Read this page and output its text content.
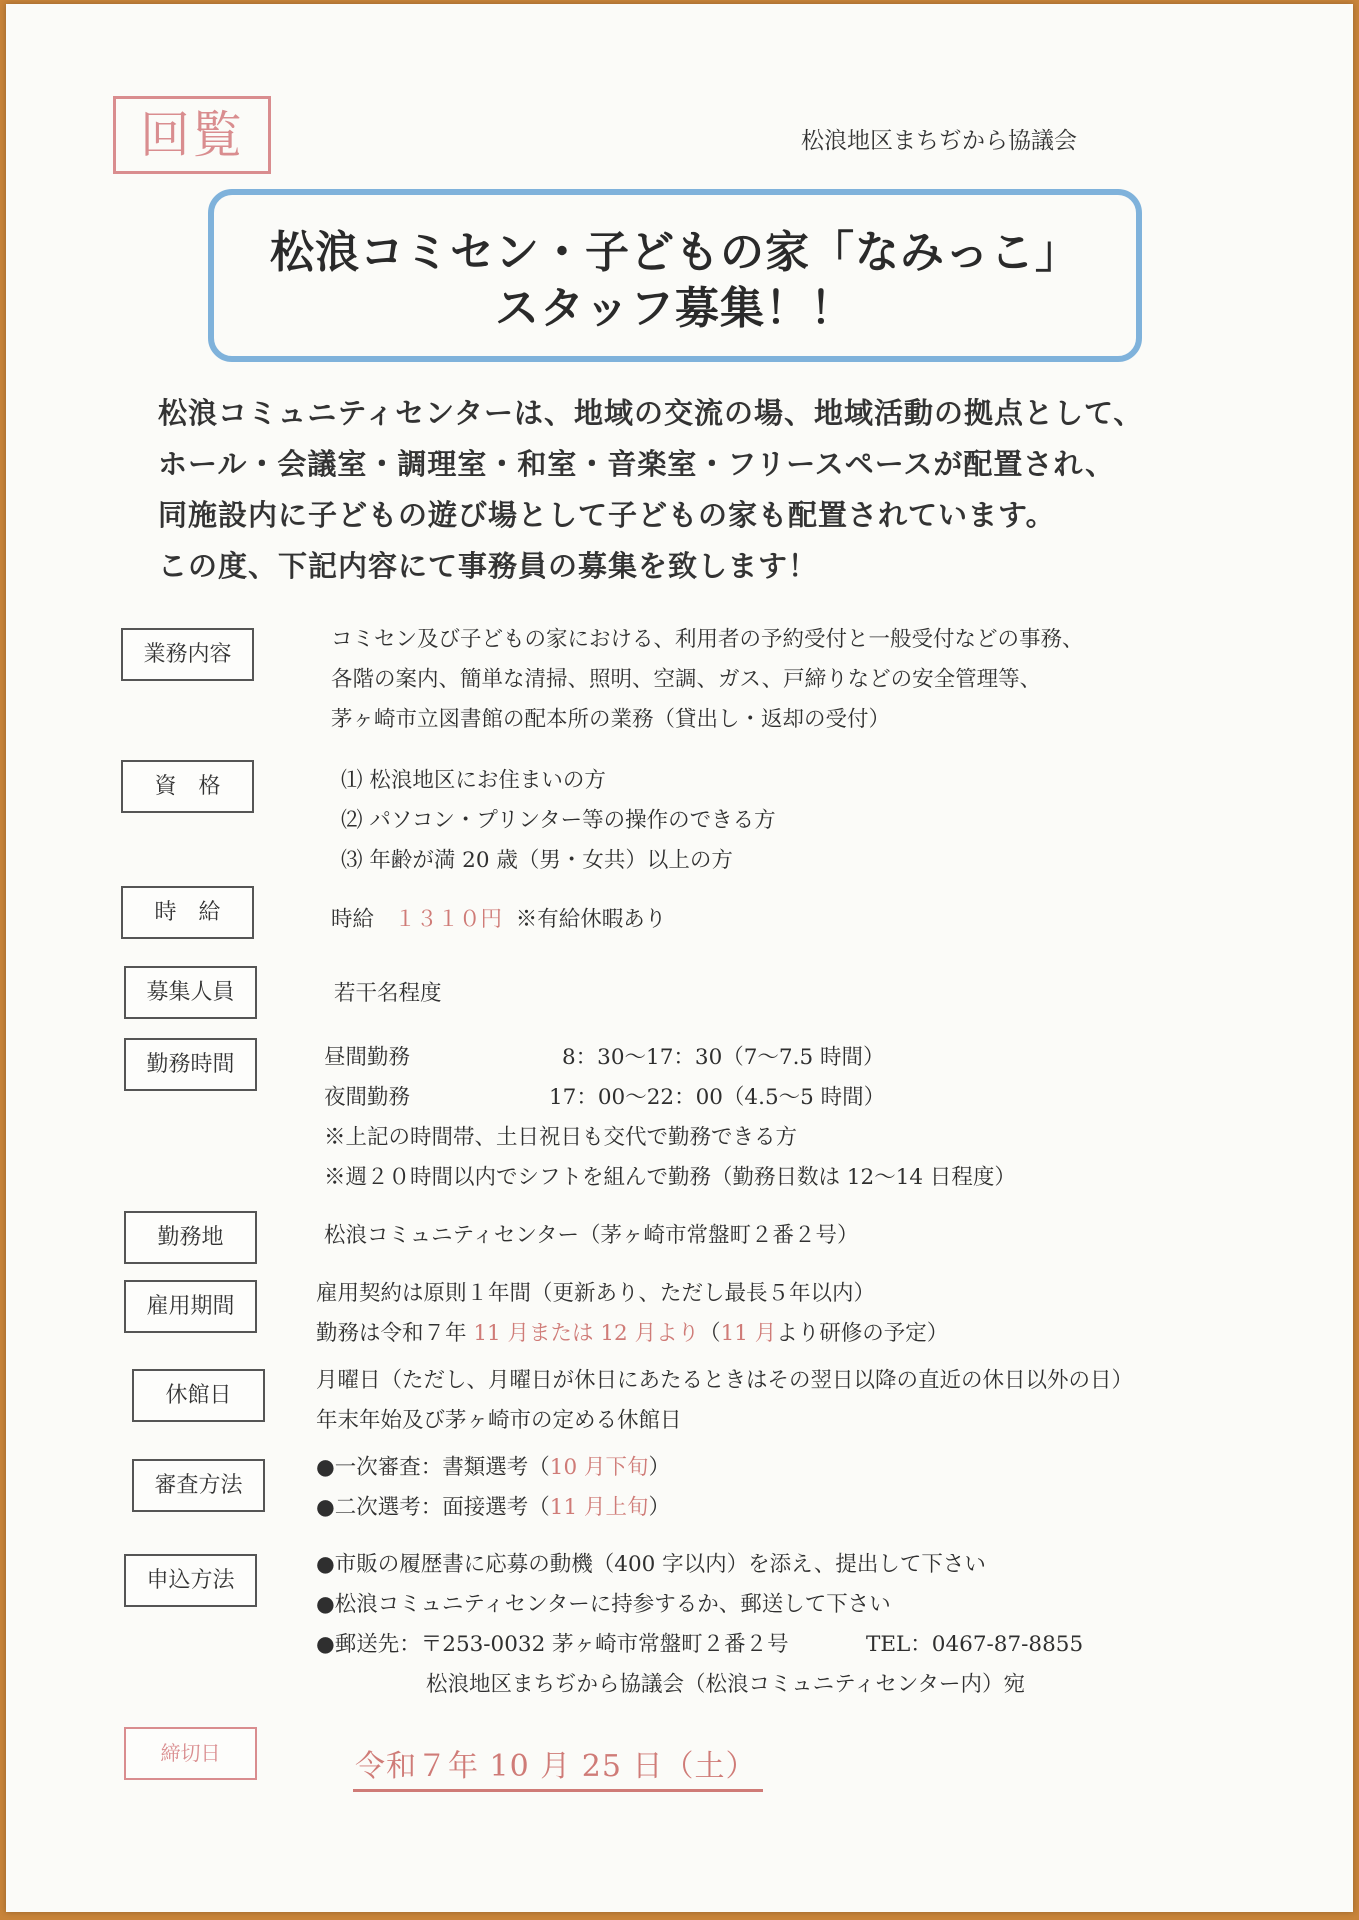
回覧	松浪地区まちぢから協議会
松浪コミセン・子どもの家「なみっこ」
スタッフ募集！！
松浪コミュニティセンターは、地域の交流の場、地域活動の拠点として、
ホール・会議室・調理室・和室・音楽室・フリースペースが配置され、
同施設内に子どもの遊び場として子どもの家も配置されています。
この度、下記内容にて事務員の募集を致します！
業務内容
コミセン及び子どもの家における、利用者の予約受付と一般受付などの事務、
各階の案内、簡単な清掃、照明、空調、ガス、戸締りなどの安全管理等、
茅ヶ崎市立図書館の配本所の業務（貸出し・返却の受付）
資　格	⑴ 松浪地区にお住まいの方
⑵ パソコン・プリンター等の操作のできる方
⑶ 年齢が満 20 歳（男・女共）以上の方
時　給	時給 １３１０円 ※有給休暇あり
募集人員	若干名程度
勤務時間	昼間勤務	8：30〜17：30（7〜7.5 時間）
夜間勤務	17：00〜22：00（4.5〜5 時間）
※上記の時間帯、土日祝日も交代で勤務できる方
※週２０時間以内でシフトを組んで勤務（勤務日数は 12〜14 日程度）
勤務地	松浪コミュニティセンター（茅ヶ崎市常盤町２番２号）
雇用期間
雇用契約は原則１年間（更新あり、ただし最長５年以内）
勤務は令和７年 11 月または 12 月より（11 月より研修の予定）
休館日
月曜日（ただし、月曜日が休日にあたるときはその翌日以降の直近の休日以外の日）
年末年始及び茅ヶ崎市の定める休館日
審査方法
●一次審査：書類選考（10 月下旬）
●二次選考：面接選考（11 月上旬）
申込方法
●市販の履歴書に応募の動機（400 字以内）を添え、提出して下さい
●松浪コミュニティセンターに持参するか、郵送して下さい
●郵送先：〒253-0032 茅ヶ崎市常盤町２番２号	TEL：0467-87-8855
松浪地区まちぢから協議会（松浪コミュニティセンター内）宛
締切日	令和７年 10 月 25 日（土）
